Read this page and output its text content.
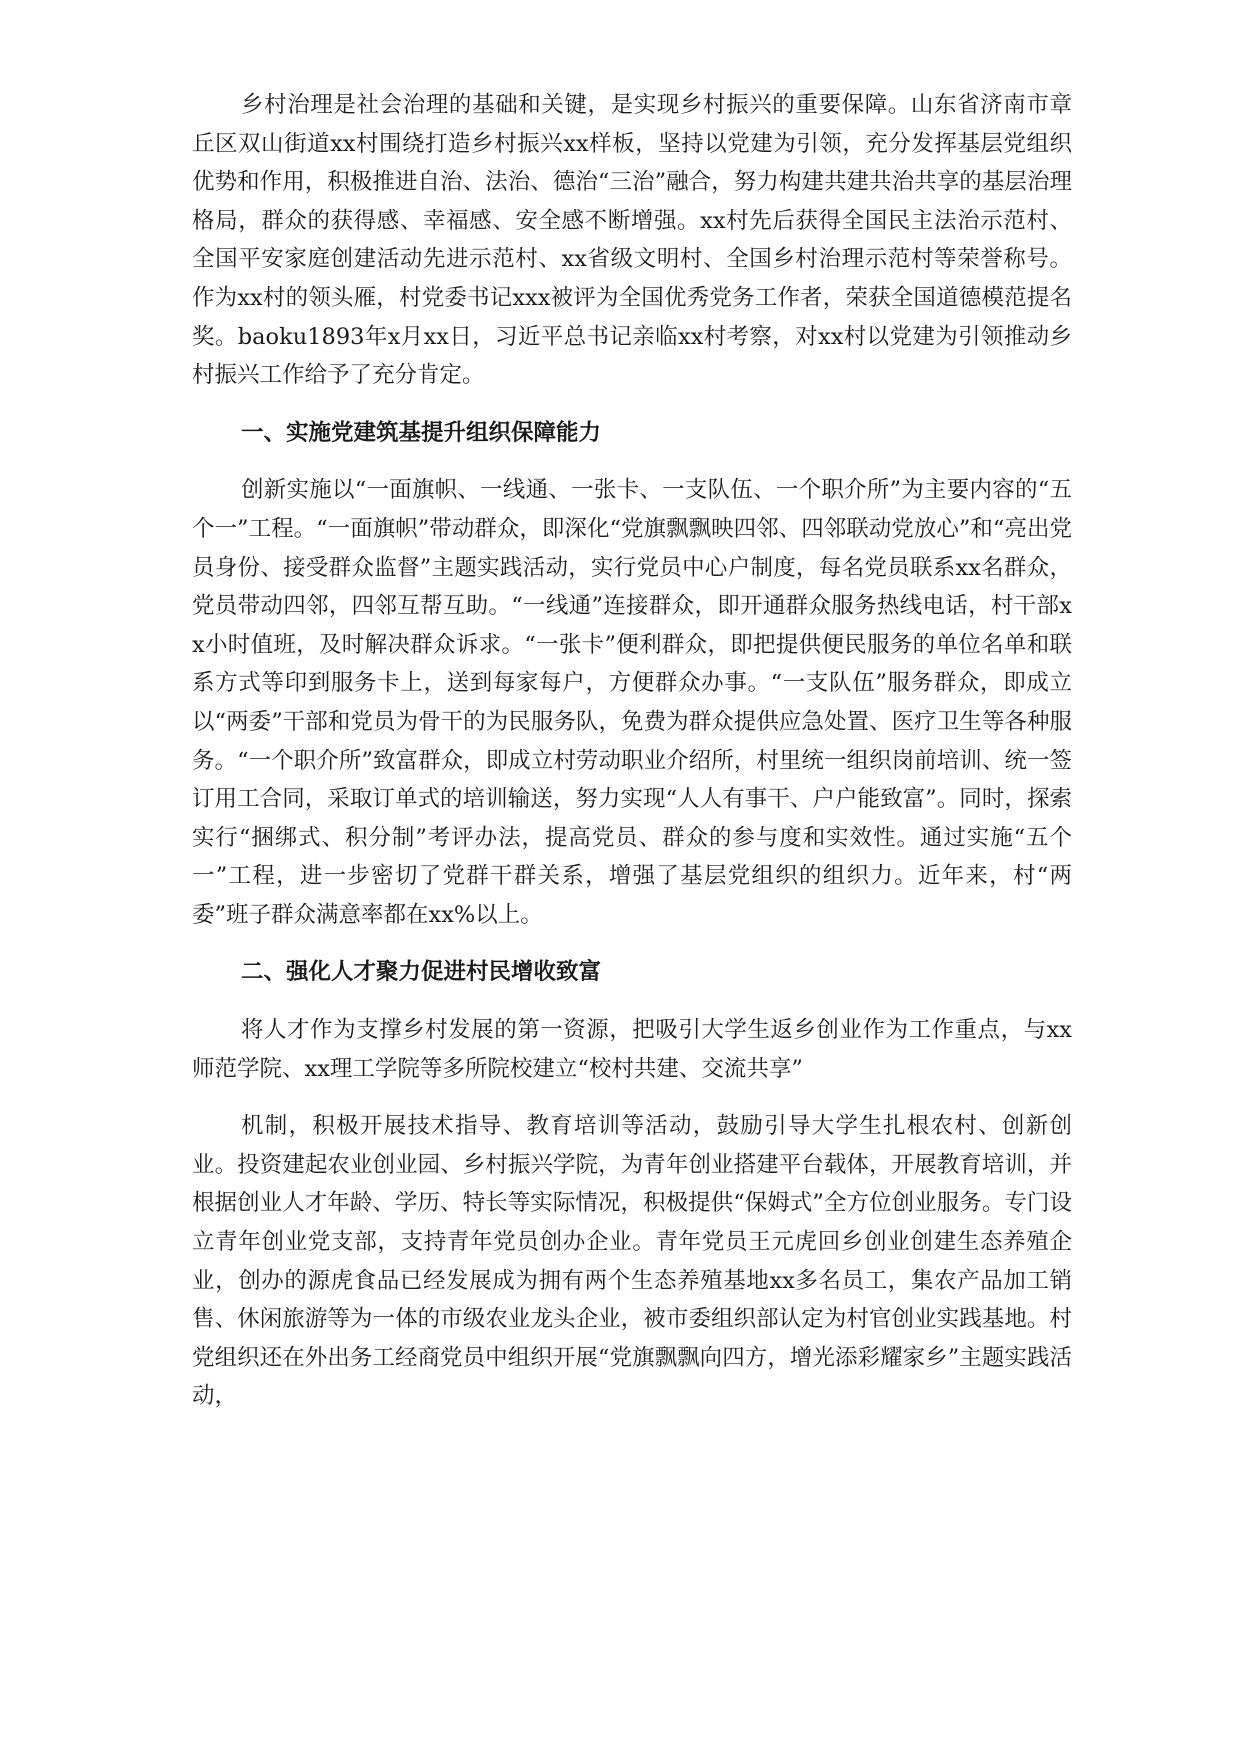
乡村治理是社会治理的基础和关键，是实现乡村振兴的重要保障。山东省济南市章丘区双山街道xx村围绕打造乡村振兴xx样板，坚持以党建为引领，充分发挥基层党组织优势和作用，积极推进自治、法治、德治“三治”融合，努力构建共建共治共享的基层治理格局，群众的获得感、幸福感、安全感不断增强。xx村先后获得全国民主法治示范村、全国平安家庭创建活动先进示范村、xx省级文明村、全国乡村治理示范村等荣誉称号。作为xx村的领头雁，村党委书记xxx被评为全国优秀党务工作者，荣获全国道德模范提名奖。baoku1893年x月xx日，习近平总书记亲临xx村考察，对xx村以党建为引领推动乡村振兴工作给予了充分肯定。

一、实施党建筑基提升组织保障能力

创新实施以“一面旗帜、一线通、一张卡、一支队伍、一个职介所”为主要内容的“五个一”工程。“一面旗帜”带动群众，即深化“党旗飘飘映四邻、四邻联动党放心”和“亮出党员身份、接受群众监督”主题实践活动，实行党员中心户制度，每名党员联系xx名群众，党员带动四邻，四邻互帮互助。“一线通”连接群众，即开通群众服务热线电话，村干部xx小时值班，及时解决群众诉求。“一张卡”便利群众，即把提供便民服务的单位名单和联系方式等印到服务卡上，送到每家每户，方便群众办事。“一支队伍”服务群众，即成立以“两委”干部和党员为骨干的为民服务队，免费为群众提供应急处置、医疗卫生等各种服务。“一个职介所”致富群众，即成立村劳动职业介绍所，村里统一组织岗前培训、统一签订用工合同，采取订单式的培训输送，努力实现“人人有事干、户户能致富”。同时，探索实行“捆绑式、积分制”考评办法，提高党员、群众的参与度和实效性。通过实施“五个一”工程，进一步密切了党群干群关系，增强了基层党组织的组织力。近年来，村“两委”班子群众满意率都在xx%以上。

二、强化人才聚力促进村民增收致富

将人才作为支撑乡村发展的第一资源，把吸引大学生返乡创业作为工作重点，与xx师范学院、xx理工学院等多所院校建立“校村共建、交流共享”

机制，积极开展技术指导、教育培训等活动，鼓励引导大学生扎根农村、创新创业。投资建起农业创业园、乡村振兴学院，为青年创业搭建平台载体，开展教育培训，并根据创业人才年龄、学历、特长等实际情况，积极提供“保姆式”全方位创业服务。专门设立青年创业党支部，支持青年党员创办企业。青年党员王元虎回乡创业创建生态养殖企业，创办的源虎食品已经发展成为拥有两个生态养殖基地xx多名员工，集农产品加工销售、休闲旅游等为一体的市级农业龙头企业，被市委组织部认定为村官创业实践基地。村党组织还在外出务工经商党员中组织开展“党旗飘飘向四方，增光添彩耀家乡”主题实践活动，
